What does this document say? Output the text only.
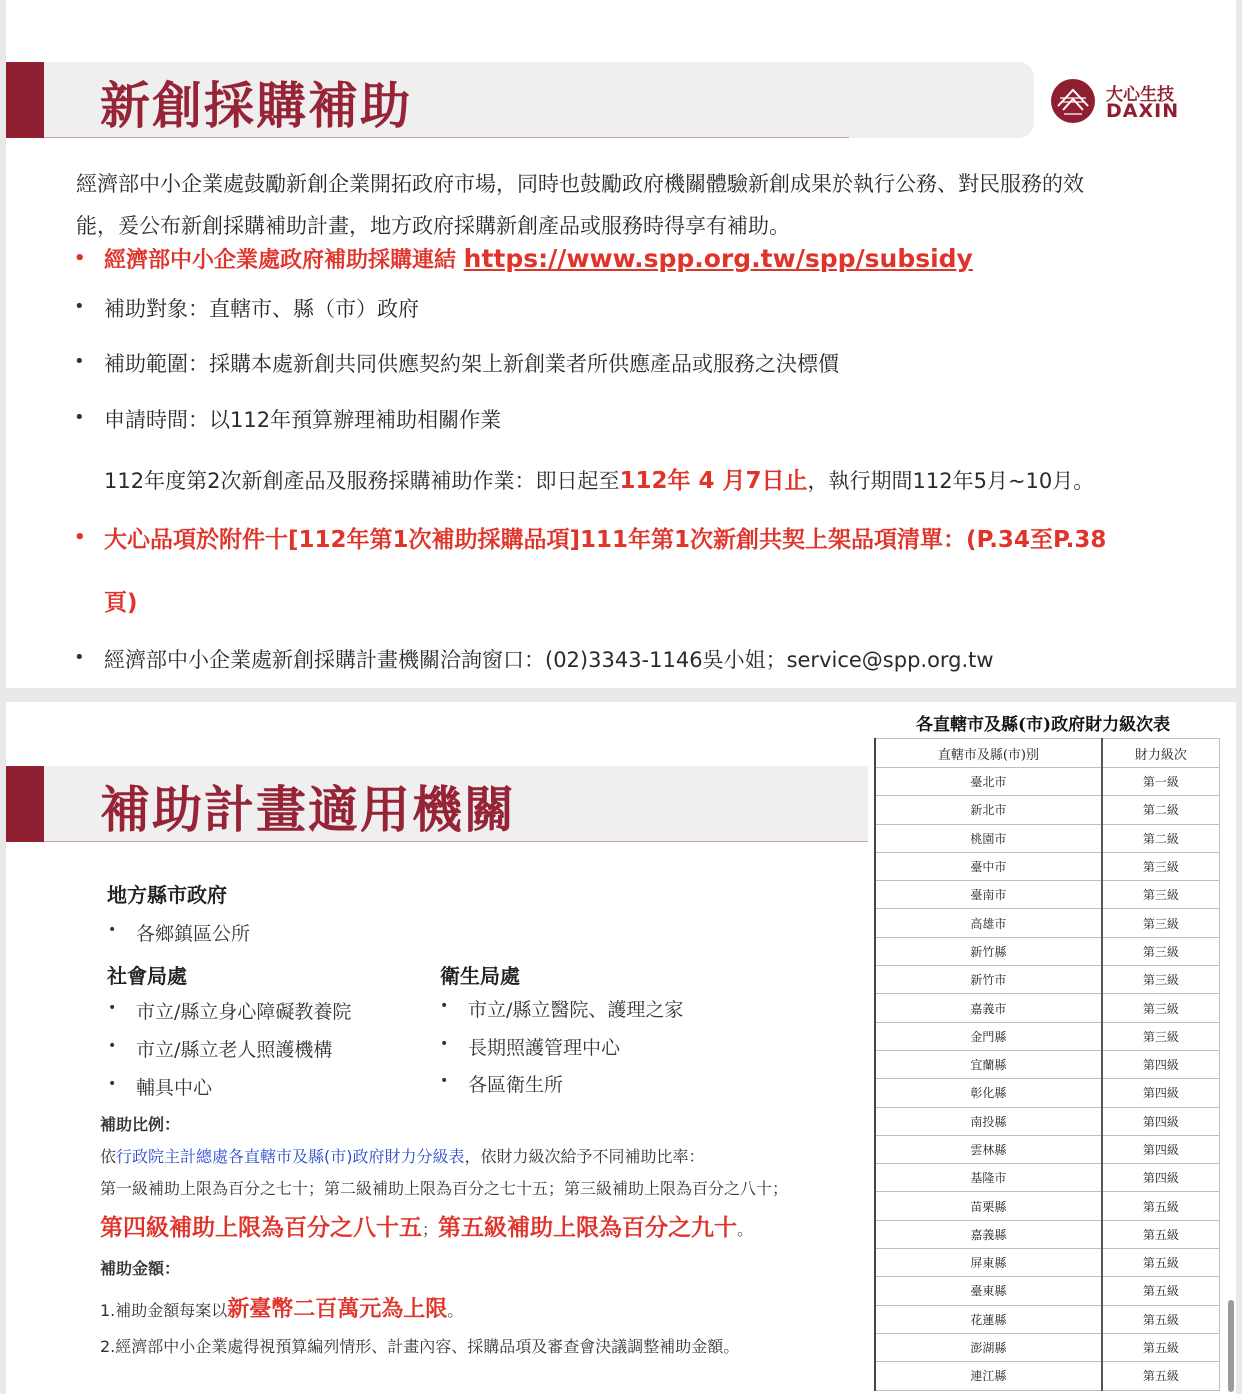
新創採購補助	大心生技
DAXIN
經濟部中小企業處鼓勵新創企業開拓政府市場，同時也鼓勵政府機關體驗新創成果於執行公務、對民服務的效
能，爰公布新創採購補助計畫，地方政府採購新創產品或服務時得享有補助。
• 經濟部中小企業處政府補助採購連結 https://www.spp.org.tw/spp/subsidy
• 補助對象：直轄市、縣（市）政府
• 補助範圍：採購本處新創共同供應契約架上新創業者所供應產品或服務之決標價
• 申請時間：以112年預算辦理補助相關作業
112年度第2次新創產品及服務採購補助作業：即日起至112年 4 月7日止，執行期間112年5月~10月。
• 大心品項於附件十[112年第1次補助採購品項]111年第1次新創共契上架品項清單：(P.34至P.38
頁)
• 經濟部中小企業處新創採購計畫機關洽詢窗口：(02)3343-1146吳小姐；service@spp.org.tw
補助計畫適用機關
地方縣市政府
• 各鄉鎮區公所
社會局處
• 市立/縣立身心障礙教養院
• 市立/縣立老人照護機構
• 輔具中心
衛生局處
• 市立/縣立醫院、護理之家
• 長期照護管理中心
• 各區衛生所
補助比例：
依行政院主計總處各直轄市及縣(市)政府財力分級表，依財力級次給予不同補助比率：
第一級補助上限為百分之七十；第二級補助上限為百分之七十五；第三級補助上限為百分之八十；
第四級補助上限為百分之八十五；第五級補助上限為百分之九十。
補助金額：
1.補助金額每案以新臺幣二百萬元為上限。
2.經濟部中小企業處得視預算編列情形、計畫內容、採購品項及審查會決議調整補助金額。
各直轄市及縣(市)政府財力級次表
直轄市及縣(市)別	財力級次
臺北市	第一級
新北市	第二級
桃園市	第二級
臺中市	第三級
臺南市	第三級
高雄市	第三級
新竹縣	第三級
新竹市	第三級
嘉義市	第三級
金門縣	第三級
宜蘭縣	第四級
彰化縣	第四級
南投縣	第四級
雲林縣	第四級
基隆市	第四級
苗栗縣	第五級
嘉義縣	第五級
屏東縣	第五級
臺東縣	第五級
花蓮縣	第五級
澎湖縣	第五級
連江縣	第五級
